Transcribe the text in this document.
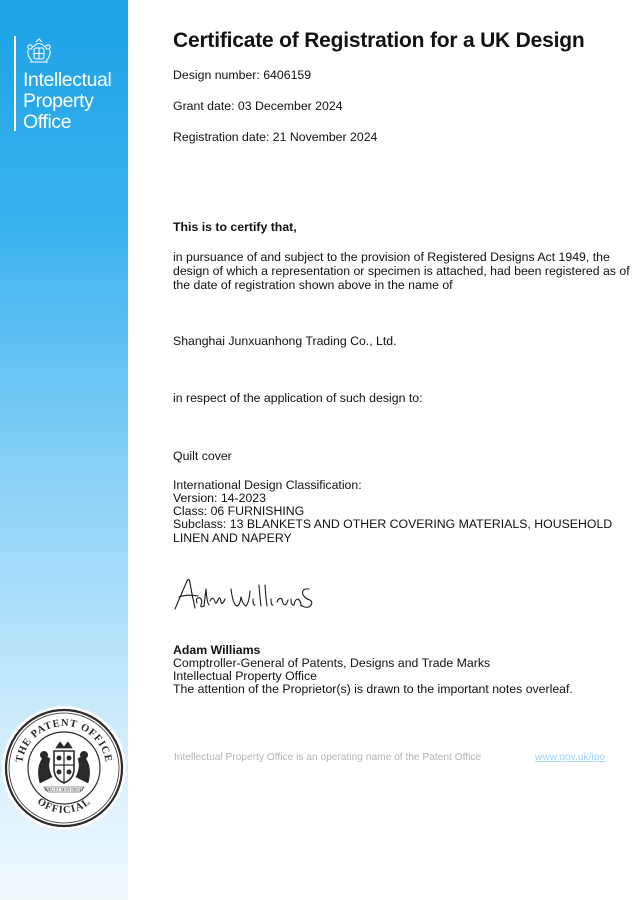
Intellectual
Property
Office
THE PATENT OFFICE
OFFICIAL
DIEU ET MON DROIT
Certificate of Registration for a UK Design
Design number: 6406159
Grant date: 03 December 2024
Registration date: 21 November 2024
This is to certify that,
in pursuance of and subject to the provision of Registered Designs Act 1949, the design of which a representation or specimen is attached, had been registered as of the date of registration shown above in the name of
Shanghai Junxuanhong Trading Co., Ltd.
in respect of the application of such design to:
Quilt cover
International Design Classification:
Version: 14-2023
Class: 06 FURNISHING
Subclass: 13 BLANKETS AND OTHER COVERING MATERIALS, HOUSEHOLD LINEN AND NAPERY
Adam Williams
Adam Williams
Comptroller-General of Patents, Designs and Trade Marks
Intellectual Property Office
The attention of the Proprietor(s) is drawn to the important notes overleaf.
Intellectual Property Office is an operating name of the Patent Office	www.gov.uk/ipo
